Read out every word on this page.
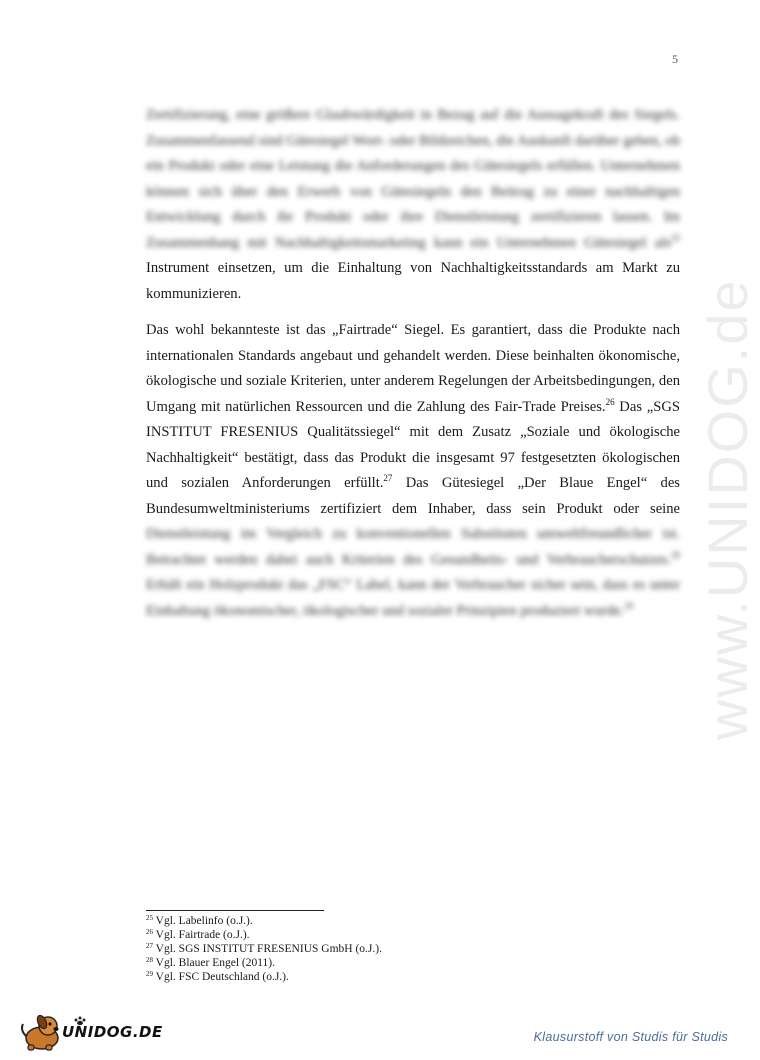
5
www.UNIDOG.de
Zertifizierung, eine größere Glaubwürdigkeit in Bezug auf die Aussagekraft des Siegels. Zusammenfassend sind Gütesiegel Wort- oder Bildzeichen, die Auskunft darüber geben, ob ein Produkt oder eine Leistung die Anforderungen des Gütesiegels erfüllen. Unternehmen können sich über den Erwerb von Gütesiegeln den Beitrag zu einer nachhaltigen Entwicklung durch ihr Produkt oder ihre Dienstleistung zertifizieren lassen. Im Zusammenhang mit Nachhaltigkeitsmarketing kann ein Unternehmen Gütesiegel als$^{25}$ Instrument einsetzen, um die Einhaltung von Nachhaltigkeitsstandards am Markt zu kommunizieren.
Das wohl bekannteste ist das „Fairtrade“ Siegel. Es garantiert, dass die Produkte nach internationalen Standards angebaut und gehandelt werden. Diese beinhalten ökonomische, ökologische und soziale Kriterien, unter anderem Regelungen der Arbeitsbedingungen, den Umgang mit natürlichen Ressourcen und die Zahlung des Fair-Trade Preises.$^{26}$ Das „SGS INSTITUT FRESENIUS Qualitätssiegel“ mit dem Zusatz „Soziale und ökologische Nachhaltigkeit“ bestätigt, dass das Produkt die insgesamt 97 festgesetzten ökologischen und sozialen Anforderungen erfüllt.$^{27}$ Das Gütesiegel „Der Blaue Engel“ des Bundesumweltministeriums zertifiziert dem Inhaber, dass sein Produkt oder seine Dienstleistung im Vergleich zu konventionellen Substituten umweltfreundlicher ist. Betrachtet werden dabei auch Kriterien des Gesundheits- und Verbraucherschutzes.$^{28}$ Erhält ein Holzprodukt das „FSC“ Label, kann der Verbraucher sicher sein, dass es unter Einhaltung ökonomischer, ökologischer und sozialer Prinzipien produziert wurde.$^{29}$
$^{25}$ Vgl. Labelinfo (o.J.).
$^{26}$ Vgl. Fairtrade (o.J.).
$^{27}$ Vgl. SGS INSTITUT FRESENIUS GmbH (o.J.).
$^{28}$ Vgl. Blauer Engel (2011).
$^{29}$ Vgl. FSC Deutschland (o.J.).
UNIDOG.DE	Klausurstoff von Studis für Studis
